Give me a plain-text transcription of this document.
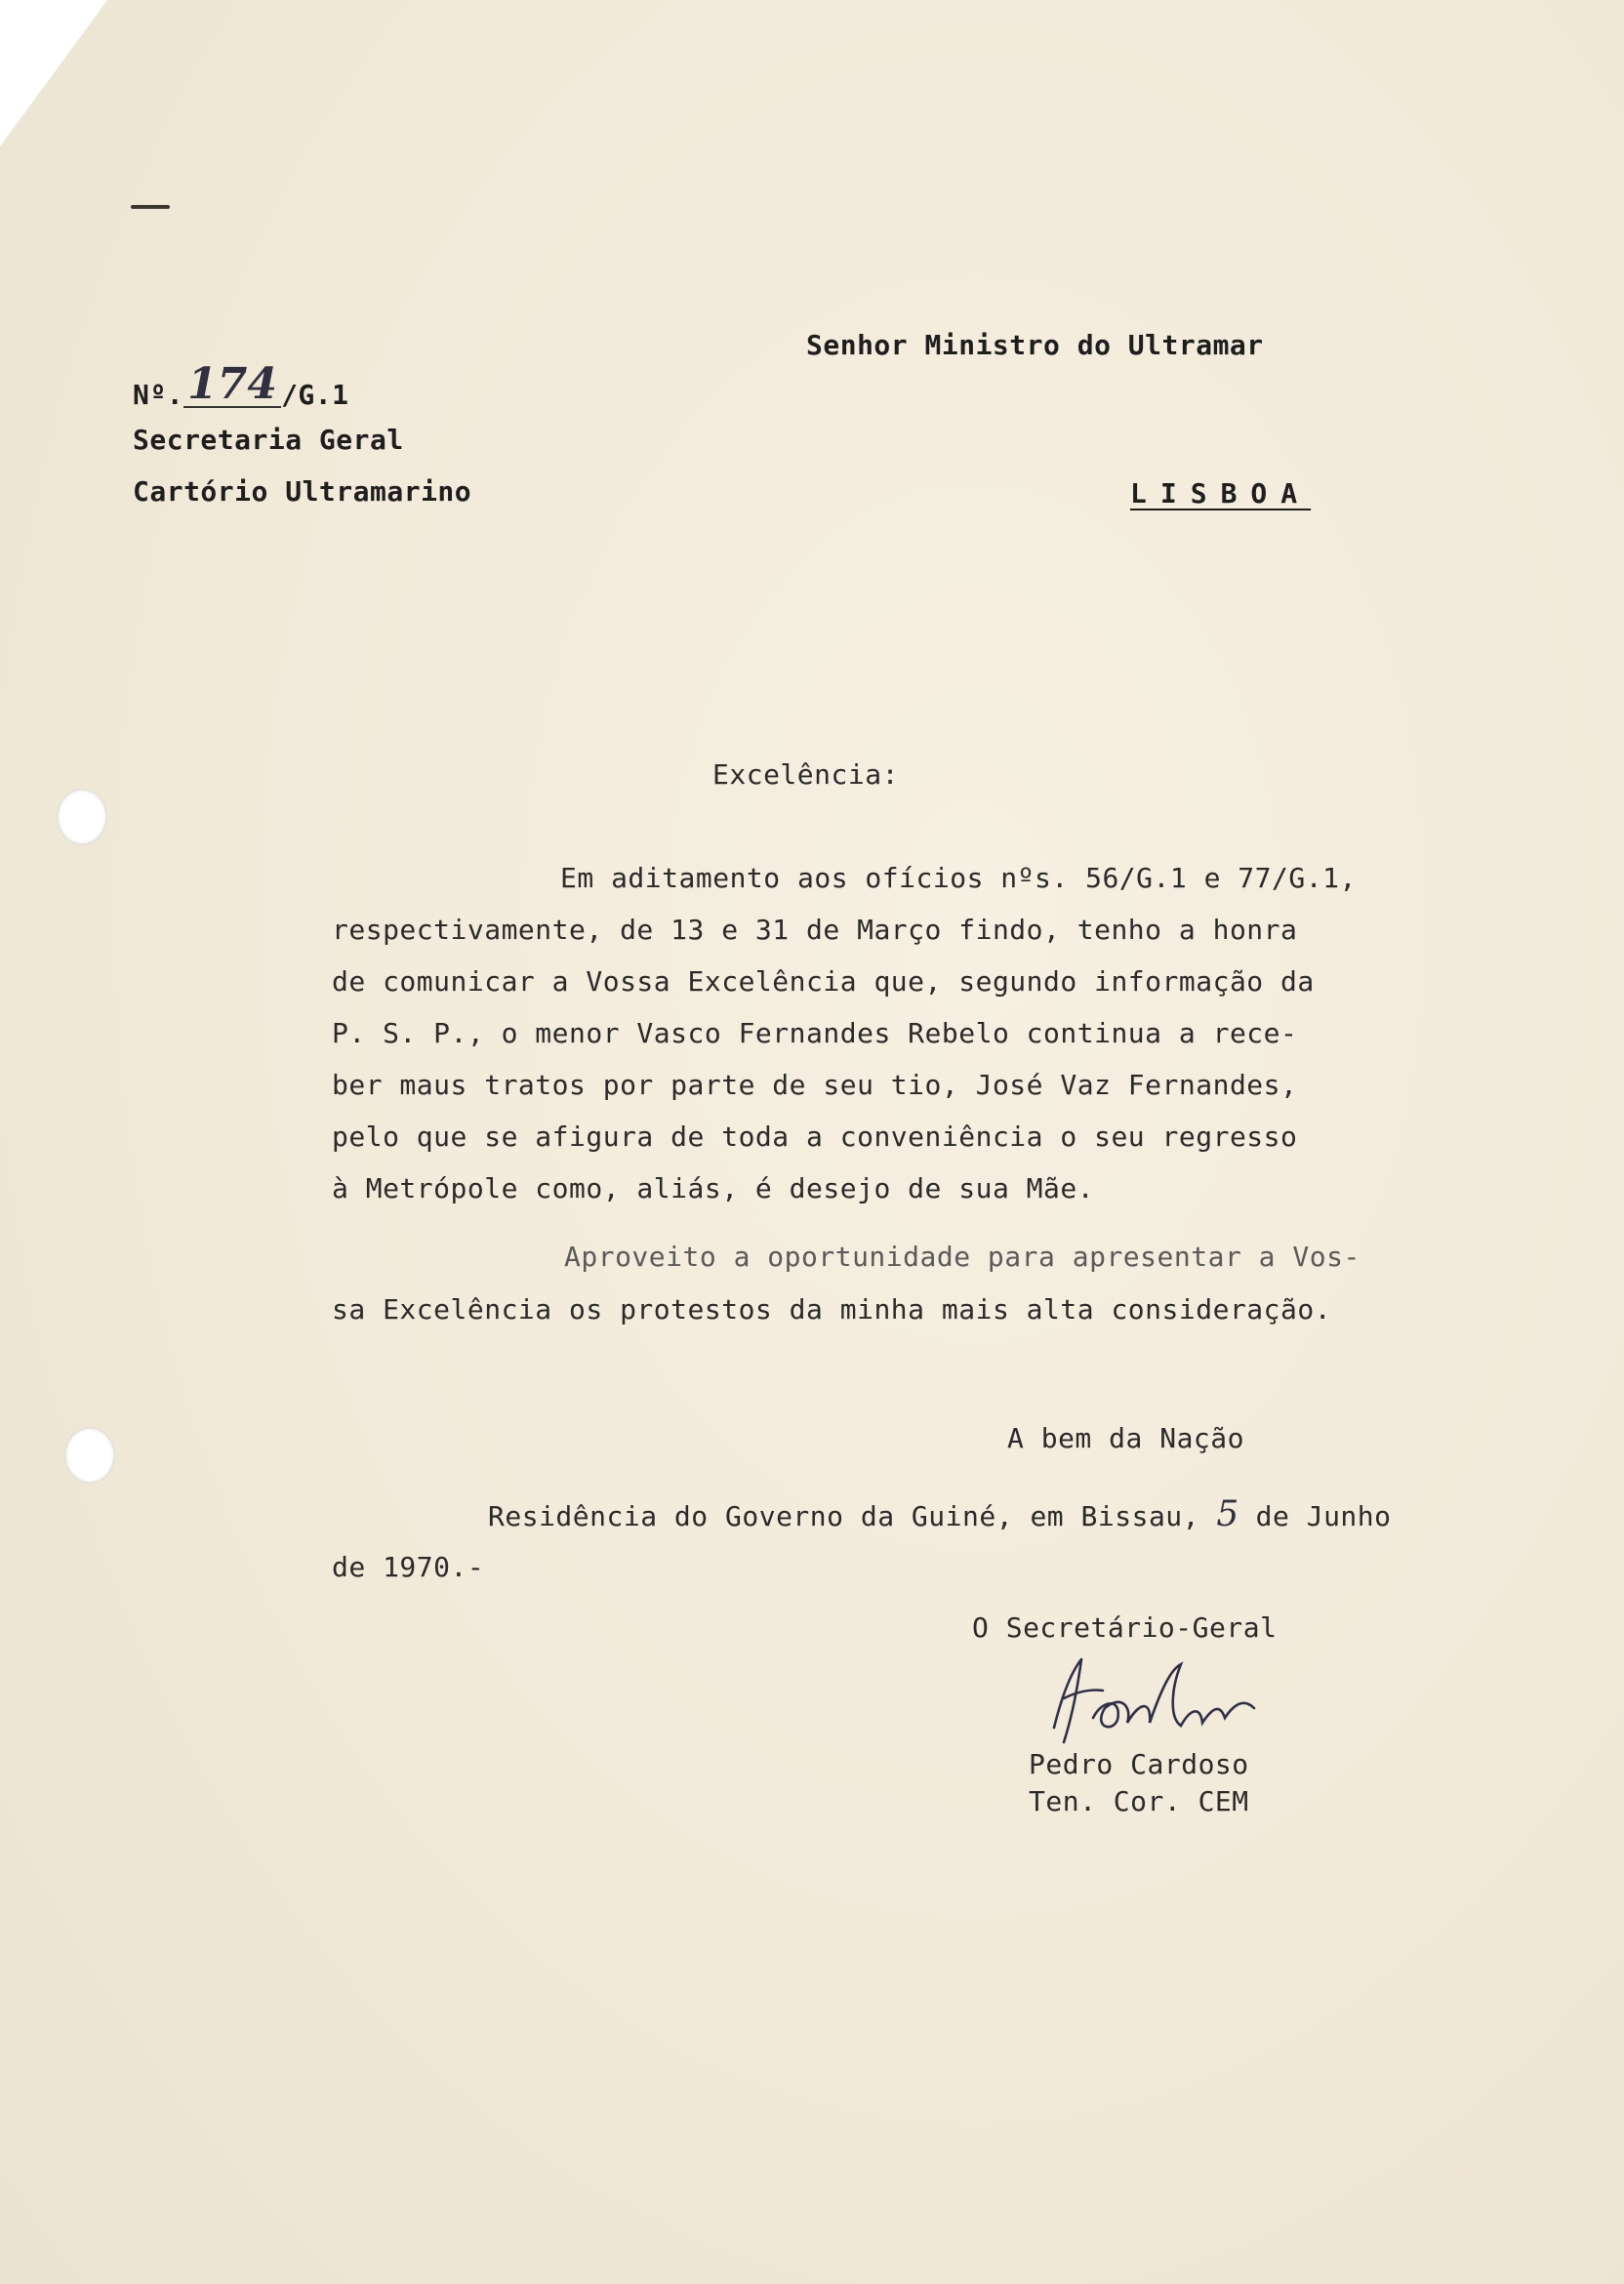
Nº.174 /G.1
Secretaria Geral
Cartório Ultramarino
Senhor Ministro do Ultramar
LISBOA
Excelência:
Em aditamento aos ofícios nºs. 56/G.1 e 77/G.1,
respectivamente, de 13 e 31 de Março findo, tenho a honra
de comunicar a Vossa Excelência que, segundo informação da
P. S. P., o menor Vasco Fernandes Rebelo continua a rece-
ber maus tratos por parte de seu tio, José Vaz Fernandes,
pelo que se afigura de toda a conveniência o seu regresso
à Metrópole como, aliás, é desejo de sua Mãe.
Aproveito a oportunidade para apresentar a Vos-
sa Excelência os protestos da minha mais alta consideração.
A bem da Nação
Residência do Governo da Guiné, em Bissau, 5 de Junho
de 1970.-
O Secretário-Geral
Pedro Cardoso
Ten. Cor. CEM
